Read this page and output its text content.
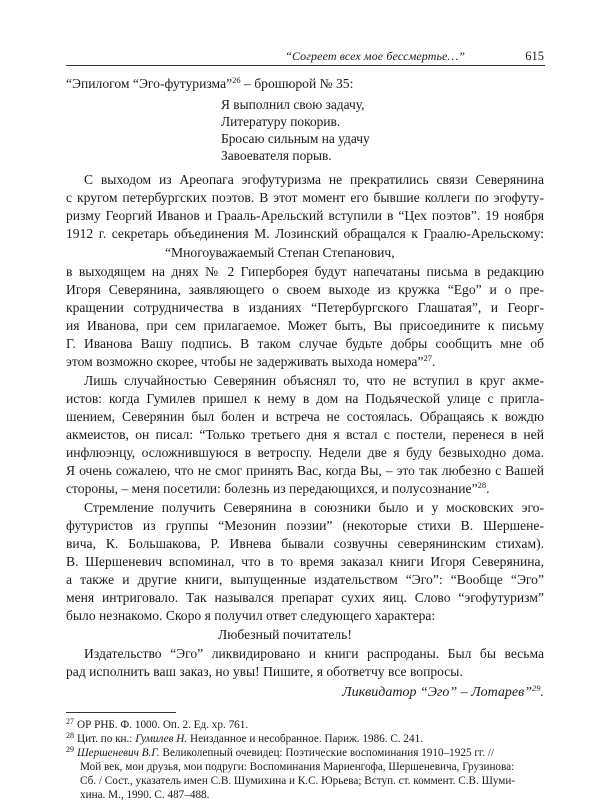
“Согреет всех мое бессмертье…”	615
“Эпилогом “Эго-футуризма”$^{26}$ – брошюрой № 35:
Я выполнил свою задачу,
Литературу покорив.
Бросаю сильным на удачу
Завоевателя порыв.
С выходом из Ареопага эгофутуризма не прекратились связи Северянина
с кругом петербургских поэтов. В этот момент его бывшие коллеги по эгофуту-
ризму Георгий Иванов и Грааль-Арельский вступили в “Цех поэтов”. 19 ноября
1912 г. секретарь объединения М. Лозинский обращался к Граалю-Арельскому:
“Многоуважаемый Степан Степанович,
в выходящем на днях № 2 Гиперборея будут напечатаны письма в редакцию
Игоря Северянина, заявляющего о своем выходе из кружка “Ego” и о пре-
кращении сотрудничества в изданиях “Петербургского Глашатая”, и Георг-
ия Иванова, при сем прилагаемое. Может быть, Вы присоедините к письму
Г. Иванова Вашу подпись. В таком случае будьте добры сообщить мне об
этом возможно скорее, чтобы не задерживать выхода номера”$^{27}$.
Лишь случайностью Северянин объяснял то, что не вступил в круг акме-
истов: когда Гумилев пришел к нему в дом на Подьяческой улице с пригла-
шением, Северянин был болен и встреча не состоялась. Обращаясь к вождю
акмеистов, он писал: “Только третьего дня я встал с постели, перенеся в ней
инфлюэнцу, осложнившуюся в ветроспу. Недели две я буду безвыходно дома.
Я очень сожалею, что не смог принять Вас, когда Вы, – это так любезно с Вашей
стороны, – меня посетили: болезнь из передающихся, и полусознание”$^{28}$.
Стремление получить Северянина в союзники было и у московских эго-
футуристов из группы “Мезонин поэзии” (некоторые стихи В. Шершене-
вича, К. Большакова, Р. Ивнева бывали созвучны северянинским стихам).
В. Шершеневич вспоминал, что в то время заказал книги Игоря Северянина,
а также и другие книги, выпущенные издательством “Эго”: “Вообще “Эго”
меня интриговало. Так назывался препарат сухих яиц. Слово “эгофутуризм”
было незнакомо. Скоро я получил ответ следующего характера:
Любезный почитатель!
Издательство “Эго” ликвидировано и книги распроданы. Был бы весьма
рад исполнить ваш заказ, но увы! Пишите, я обответчу все вопросы.
Ликвидатор “Эго” – Лотарев”$^{29}$.
$^{27}$ ОР РНБ. Ф. 1000. Оп. 2. Ед. хр. 761.
$^{28}$ Цит. по кн.: Гумилев Н. Неизданное и несобранное. Париж. 1986. С. 241.
$^{29}$ Шершеневич В.Г. Великолепный очевидец: Поэтические воспоминания 1910–1925 гг. //
Мой век, мои друзья, мои подруги: Воспоминания Мариенгофа, Шершеневича, Грузинова:
Сб. / Сост., указатель имен С.В. Шумихина и К.С. Юрьева; Вступ. ст. коммент. С.В. Шуми-
хина. М., 1990. С. 487–488.
